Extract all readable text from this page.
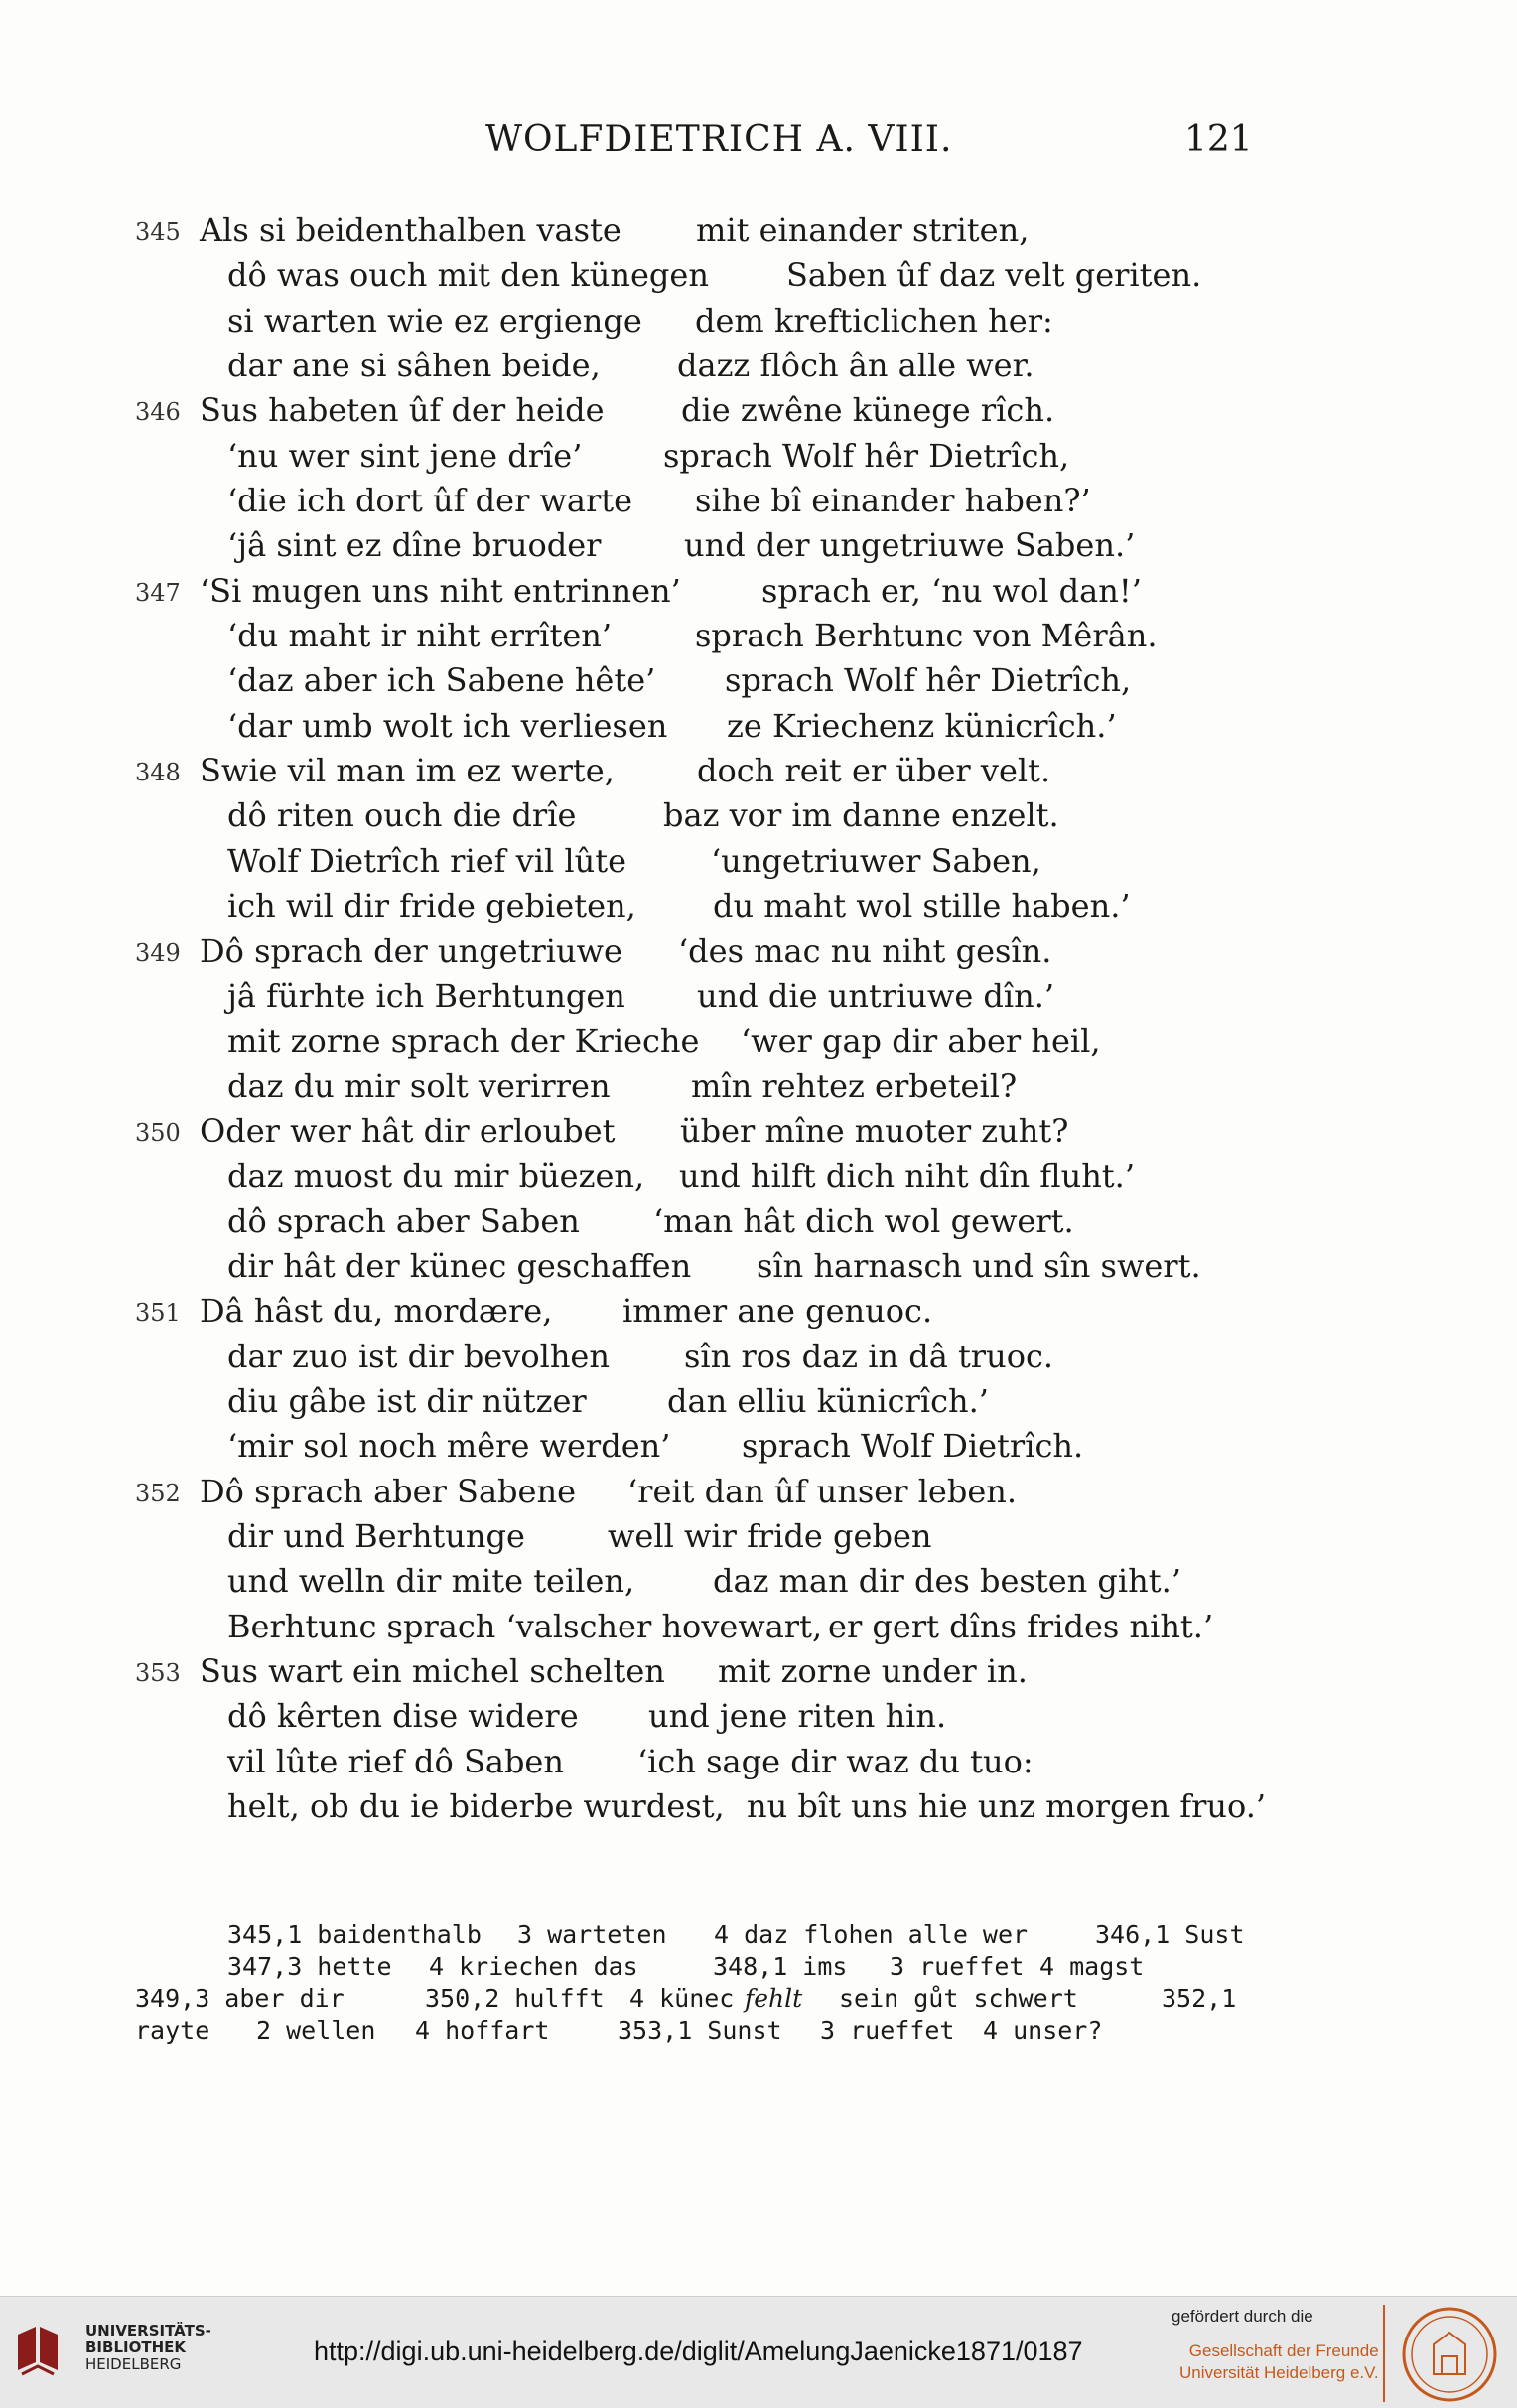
WOLFDIETRICH A. VIII.	121
345 Als si beidenthalben vaste mit einander striten,
dô was ouch mit den künegen Saben ûf daz velt geriten.
si warten wie ez ergienge dem krefticlichen her:
dar ane si sâhen beide, dazz flôch ân alle wer.
346 Sus habeten ûf der heide die zwêne künege rîch.
‘nu wer sint jene drîe’	sprach Wolf hêr Dietrîch,
‘die ich dort ûf der warte sihe bî einander haben?’
‘jâ sint ez dîne bruoder	und der ungetriuwe Saben.’
347 ‘Si mugen uns niht entrinnen’	sprach er, ‘nu wol dan!’
‘du maht ir niht errîten’	sprach Berhtunc von Mêrân.
‘daz aber ich Sabene hête’ sprach Wolf hêr Dietrîch,
‘dar umb wolt ich verliesen ze Kriechenz künicrîch.’
348 Swie vil man im ez werte,	doch reit er über velt.
dô riten ouch die drîe	baz vor im danne enzelt.
Wolf Dietrîch rief vil lûte	‘ungetriuwer Saben,
ich wil dir fride gebieten, du maht wol stille haben.’
349 Dô sprach der ungetriuwe ‘des mac nu niht gesîn.
jâ fürhte ich Berhtungen und die untriuwe dîn.’
mit zorne sprach der Krieche ‘wer gap dir aber heil,
daz du mir solt verirren	mîn rehtez erbeteil?
350 Oder wer hât dir erloubet über mîne muoter zuht?
daz muost du mir büezen, und hilft dich niht dîn fluht.’
dô sprach aber Saben ‘man hât dich wol gewert.
dir hât der künec geschaffen sîn harnasch und sîn swert.
351 Dâ hâst du, mordære, immer ane genuoc.
dar zuo ist dir bevolhen sîn ros daz in dâ truoc.
diu gâbe ist dir nützer	dan elliu künicrîch.’
‘mir sol noch mêre werden’ sprach Wolf Dietrîch.
352 Dô sprach aber Sabene ‘reit dan ûf unser leben.
dir und Berhtunge	well wir fride geben
und welln dir mite teilen, daz man dir des besten giht.’
Berhtunc sprach ‘valscher hovewart, er gert dîns frides niht.’
353 Sus wart ein michel schelten mit zorne under in.
dô kêrten dise widere und jene riten hin.
vil lûte rief dô Saben ‘ich sage dir waz du tuo:
helt, ob du ie biderbe wurdest, nu bît uns hie unz morgen fruo.’
345,1 baidenthalb 3 warteten 4 daz flohen alle wer	346,1 Sust
347,3 hette 4 kriechen das	348,1 ims 3 rueffet 4 magst
349,3 aber dir	350,2 hulfft 4 künec fehlt sein gůt schwert	352,1
rayte 2 wellen 4 hoffart	353,1 Sunst 3 rueffet 4 unser?
UNIVERSITÄTS-
BIBLIOTHEK
HEIDELBERG	http://digi.ub.uni-heidelberg.de/diglit/AmelungJaenicke1871/0187
gefördert durch die
Gesellschaft der Freunde
Universität Heidelberg e.V.
